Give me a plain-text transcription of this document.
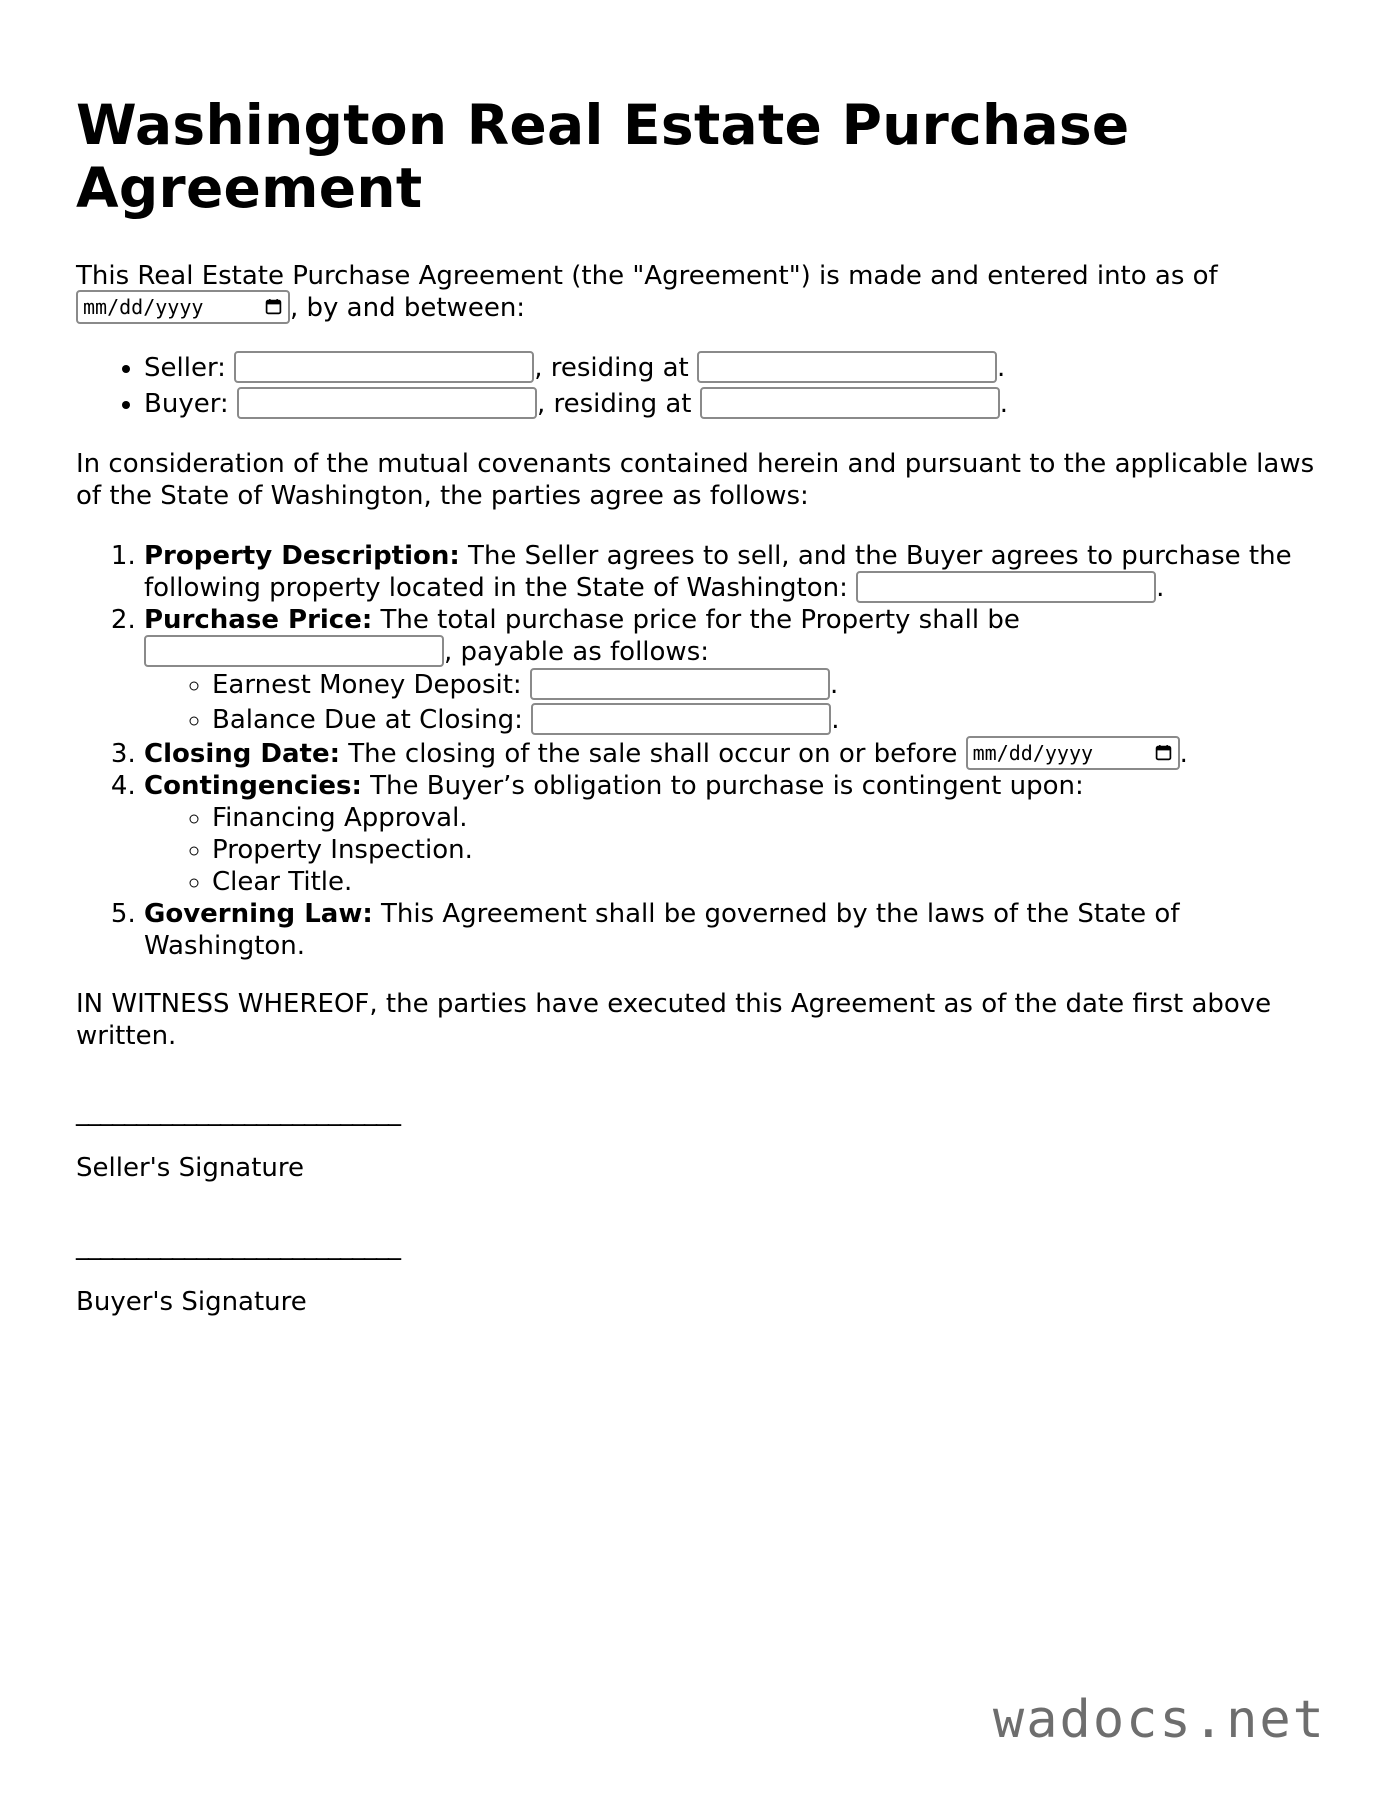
Washington Real Estate Purchase Agreement

This Real Estate Purchase Agreement (the "Agreement") is made and entered into as of
mm/dd/yyyy	, by and between:

• Seller:	, residing at	.
• Buyer:	, residing at	.

In consideration of the mutual covenants contained herein and pursuant to the applicable laws of the State of Washington, the parties agree as follows:

1. Property Description: The Seller agrees to sell, and the Buyer agrees to purchase the following property located in the State of Washington:	.
2. Purchase Price: The total purchase price for the Property shall be
, payable as follows:
◦ Earnest Money Deposit:	.
◦ Balance Due at Closing:	.
3. Closing Date: The closing of the sale shall occur on or before mm/dd/yyyy	.
4. Contingencies: The Buyer’s obligation to purchase is contingent upon:
◦ Financing Approval.
◦ Property Inspection.
◦ Clear Title.
5. Governing Law: This Agreement shall be governed by the laws of the State of Washington.

IN WITNESS WHEREOF, the parties have executed this Agreement as of the date first above written.

___________________________

Seller's Signature

___________________________

Buyer's Signature

wadocs.net
